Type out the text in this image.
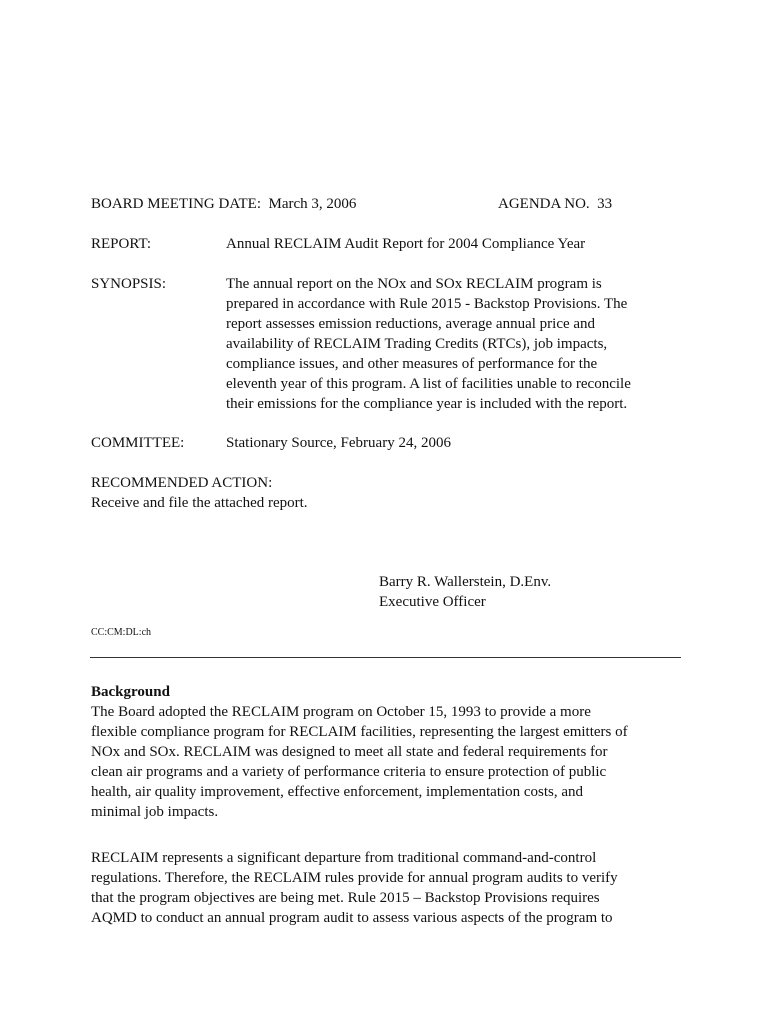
BOARD MEETING DATE: March 3, 2006	AGENDA NO. 33
REPORT:	Annual RECLAIM Audit Report for 2004 Compliance Year
SYNOPSIS:	The annual report on the NOx and SOx RECLAIM program is
prepared in accordance with Rule 2015 - Backstop Provisions. The
report assesses emission reductions, average annual price and
availability of RECLAIM Trading Credits (RTCs), job impacts,
compliance issues, and other measures of performance for the
eleventh year of this program. A list of facilities unable to reconcile
their emissions for the compliance year is included with the report.
COMMITTEE:	Stationary Source, February 24, 2006
RECOMMENDED ACTION:
Receive and file the attached report.
Barry R. Wallerstein, D.Env.
Executive Officer
CC:CM:DL:ch
Background
The Board adopted the RECLAIM program on October 15, 1993 to provide a more
flexible compliance program for RECLAIM facilities, representing the largest emitters of
NOx and SOx. RECLAIM was designed to meet all state and federal requirements for
clean air programs and a variety of performance criteria to ensure protection of public
health, air quality improvement, effective enforcement, implementation costs, and
minimal job impacts.
RECLAIM represents a significant departure from traditional command-and-control
regulations. Therefore, the RECLAIM rules provide for annual program audits to verify
that the program objectives are being met. Rule 2015 – Backstop Provisions requires
AQMD to conduct an annual program audit to assess various aspects of the program to
